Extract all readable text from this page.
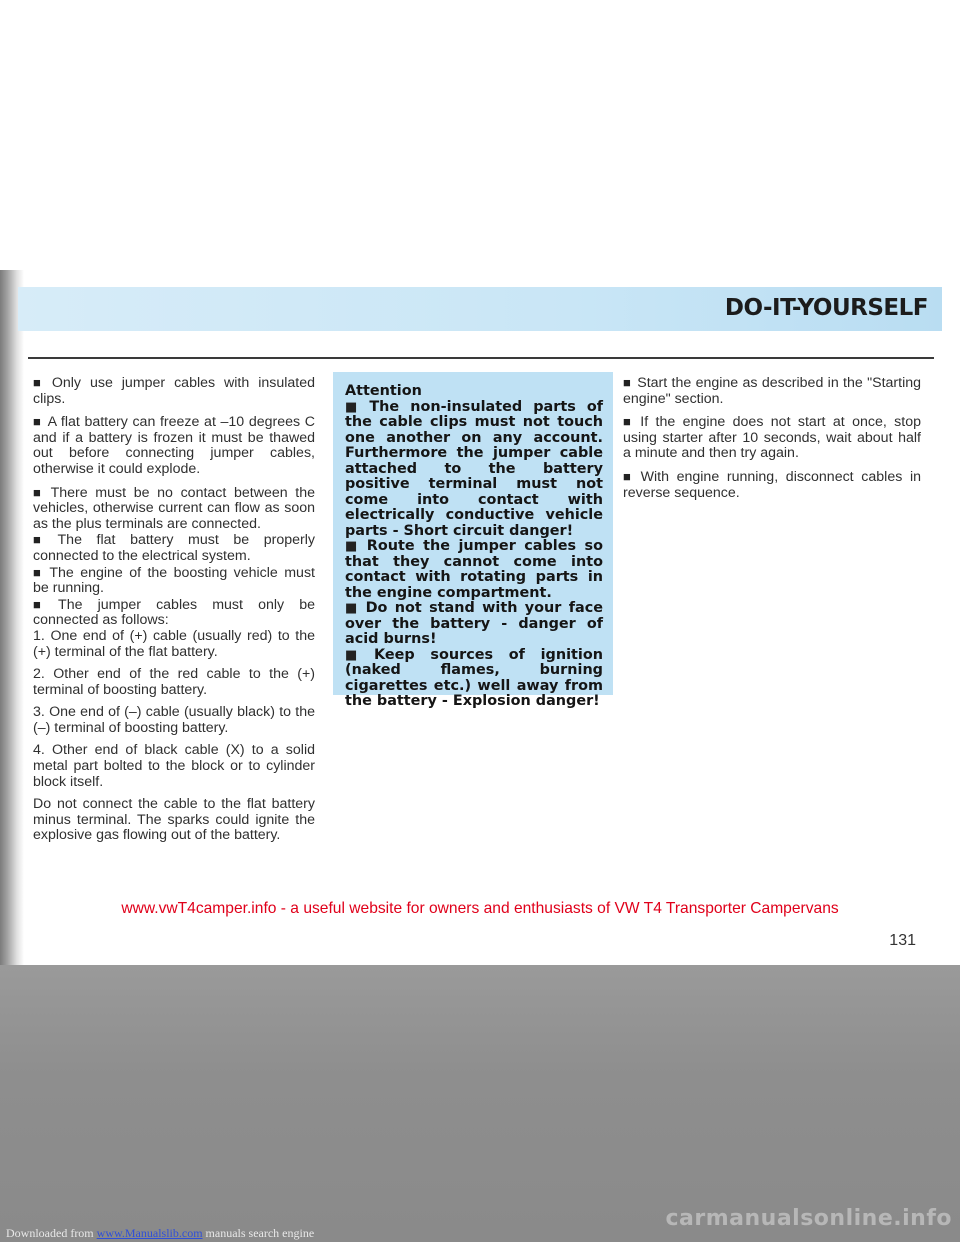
DO-IT-YOURSELF

■ Only use jumper cables with insulated clips.

■ A flat battery can freeze at –10 degrees C and if a battery is frozen it must be thawed out before connecting jumper cables, otherwise it could explode.

■ There must be no contact between the vehicles, otherwise current can flow as soon as the plus terminals are connected.

■ The flat battery must be properly connected to the electrical system.

■ The engine of the boosting vehicle must be running.

■ The jumper cables must only be connected as follows:

1. One end of (+) cable (usually red) to the (+) terminal of the flat battery.

2. Other end of the red cable to the (+) terminal of boosting battery.

3. One end of (–) cable (usually black) to the (–) terminal of boosting battery.

4. Other end of black cable (X) to a solid metal part bolted to the block or to cylinder block itself.

Do not connect the cable to the flat battery minus terminal. The sparks could ignite the explosive gas flowing out of the battery.

Attention

■ The non-insulated parts of the cable clips must not touch one another on any account. Furthermore the jumper cable attached to the battery positive terminal must not come into contact with electrically conductive vehicle parts - Short circuit danger!

■ Route the jumper cables so that they cannot come into contact with rotating parts in the engine compartment.

■ Do not stand with your face over the battery - danger of acid burns!

■ Keep sources of ignition (naked flames, burning cigarettes etc.) well away from the battery - Explosion danger!

■ Start the engine as described in the "Starting engine" section.

■ If the engine does not start at once, stop using starter after 10 seconds, wait about half a minute and then try again.

■ With engine running, disconnect cables in reverse sequence.

www.vwT4camper.info - a useful website for owners and enthusiasts of VW T4 Transporter Campervans
131
carmanualsonline.info
Downloaded from www.Manualslib.com manuals search engine
